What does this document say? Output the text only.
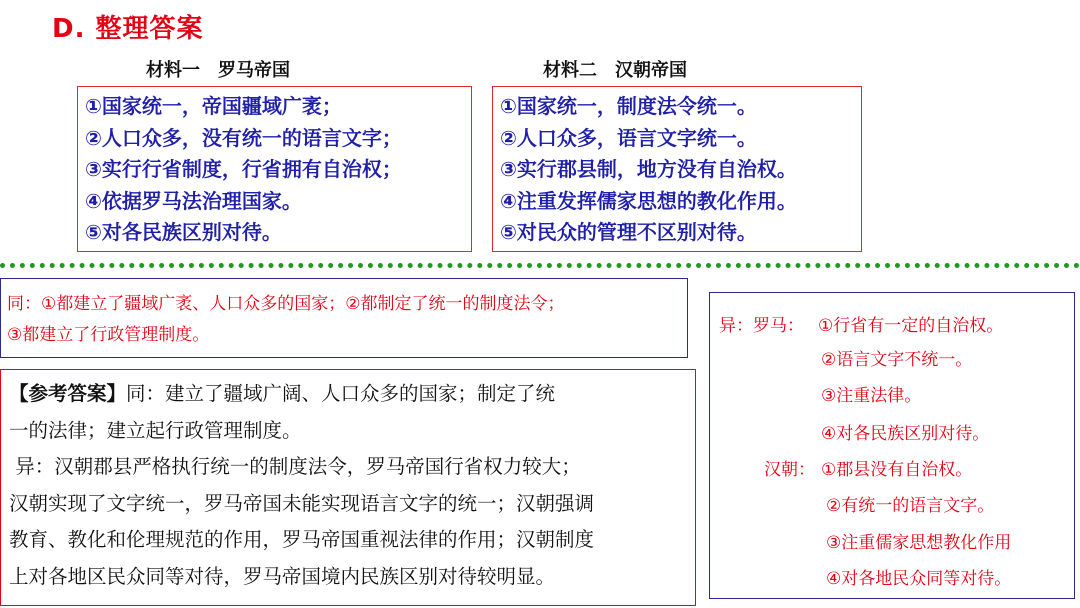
D. 整理答案
材料一　罗马帝国	材料二　汉朝帝国

①国家统一，帝国疆域广袤；

②人口众多，没有统一的语言文字；

③实行行省制度，行省拥有自治权；

④依据罗马法治理国家。

⑤对各民族区别对待。

①国家统一，制度法令统一。

②人口众多，语言文字统一。

③实行郡县制，地方没有自治权。

④注重发挥儒家思想的教化作用。

⑤对民众的管理不区别对待。

同：①都建立了疆域广袤、人口众多的国家；②都制定了统一的制度法令；

③都建立了行政管理制度。

【参考答案】同：建立了疆域广阔、人口众多的国家；制定了统

一的法律；建立起行政管理制度。

异：汉朝郡县严格执行统一的制度法令，罗马帝国行省权力较大；

汉朝实现了文字统一，罗马帝国未能实现语言文字的统一；汉朝强调

教育、教化和伦理规范的作用，罗马帝国重视法律的作用；汉朝制度

上对各地区民众同等对待，罗马帝国境内民族区别对待较明显。

异：罗马： ①行省有一定的自治权。
②语言文字不统一。
③注重法律。
④对各民族区别对待。
汉朝： ①郡县没有自治权。
②有统一的语言文字。
③注重儒家思想教化作用
④对各地民众同等对待。
